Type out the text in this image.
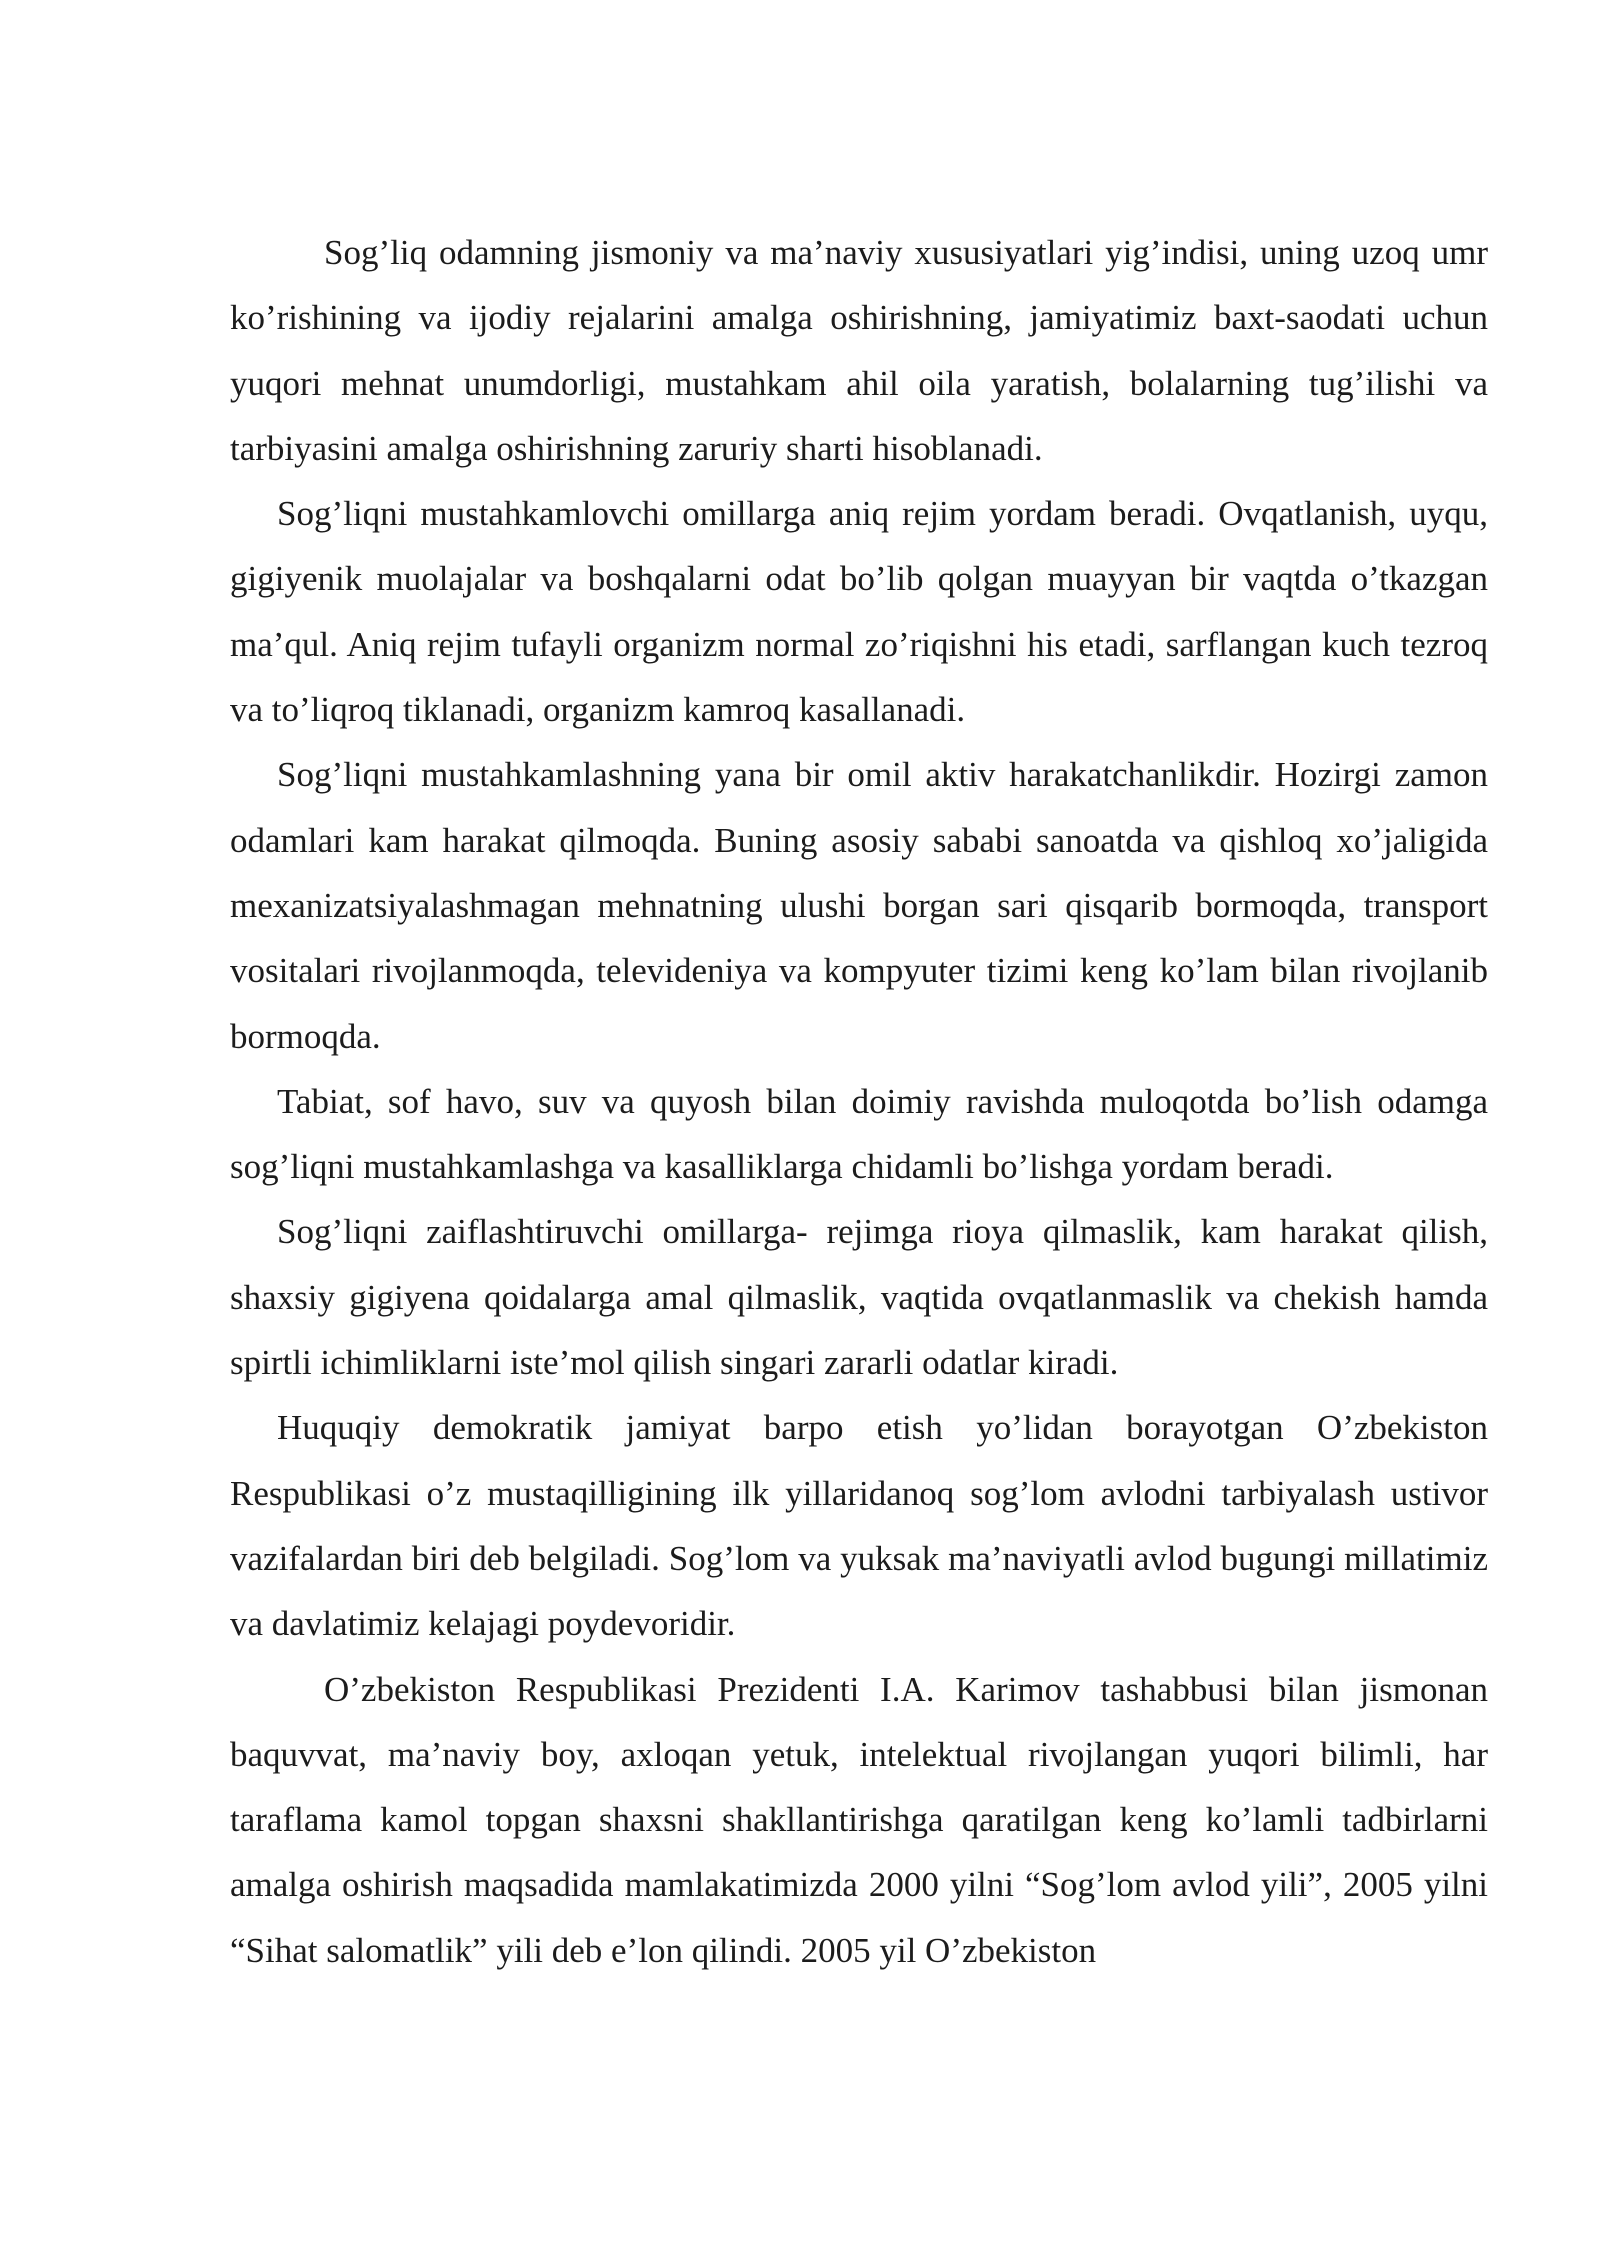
Sog’liq odamning jismoniy va ma’naviy xususiyatlari yig’indisi, uning uzoq umr ko’rishining va ijodiy rejalarini amalga oshirishning, jamiyatimiz baxt-saodati uchun yuqori mehnat unumdorligi, mustahkam ahil oila yaratish, bolalarning tug’ilishi va tarbiyasini amalga oshirishning zaruriy sharti hisoblanadi.

Sog’liqni mustahkamlovchi omillarga aniq rejim yordam beradi. Ovqatlanish, uyqu, gigiyenik muolajalar va boshqalarni odat bo’lib qolgan muayyan bir vaqtda o’tkazgan ma’qul. Aniq rejim tufayli organizm normal zo’riqishni his etadi, sarflangan kuch tezroq va to’liqroq tiklanadi, organizm kamroq kasallanadi.

Sog’liqni mustahkamlashning yana bir omil aktiv harakatchanlikdir. Hozirgi zamon odamlari kam harakat qilmoqda. Buning asosiy sababi sanoatda va qishloq xo’jaligida mexanizatsiyalashmagan mehnatning ulushi borgan sari qisqarib bormoqda, transport vositalari rivojlanmoqda, televideniya va kompyuter tizimi keng ko’lam bilan rivojlanib bormoqda.

Tabiat, sof havo, suv va quyosh bilan doimiy ravishda muloqotda bo’lish odamga sog’liqni mustahkamlashga va kasalliklarga chidamli bo’lishga yordam beradi.

Sog’liqni zaiflashtiruvchi omillarga- rejimga rioya qilmaslik, kam harakat qilish, shaxsiy gigiyena qoidalarga amal qilmaslik, vaqtida ovqatlanmaslik va chekish hamda spirtli ichimliklarni iste’mol qilish singari zararli odatlar kiradi.

Huquqiy demokratik jamiyat barpo etish yo’lidan borayotgan O’zbekiston Respublikasi o’z mustaqilligining ilk yillaridanoq sog’lom avlodni tarbiyalash ustivor vazifalardan biri deb belgiladi. Sog’lom va yuksak ma’naviyatli avlod bugungi millatimiz va davlatimiz kelajagi poydevoridir.

O’zbekiston Respublikasi Prezidenti I.A. Karimov tashabbusi bilan jismonan baquvvat, ma’naviy boy, axloqan yetuk, intelektual rivojlangan yuqori bilimli, har taraflama kamol topgan shaxsni shakllantirishga qaratilgan keng ko’lamli tadbirlarni amalga oshirish maqsadida mamlakatimizda 2000 yilni “Sog’lom avlod yili”, 2005 yilni “Sihat salomatlik” yili deb e’lon qilindi. 2005 yil O’zbekiston
